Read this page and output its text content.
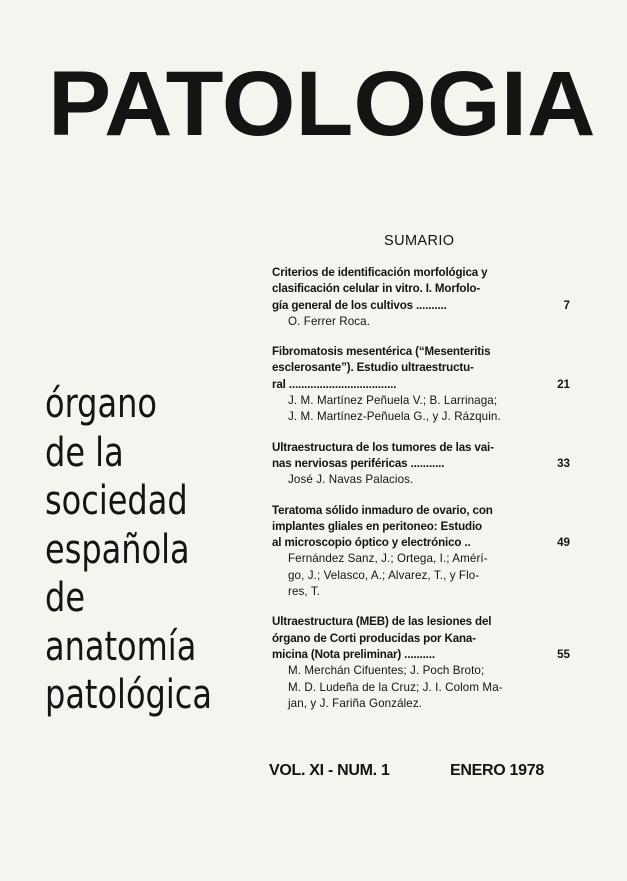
PATOLOGIA
órgano
de la
sociedad
española
de
anatomía
patológica
SUMARIO
Criterios de identificación morfológica y
clasificación celular in vitro. I. Morfolo-
gía general de los cultivos ..........
O. Ferrer Roca.
7
Fibromatosis mesentérica (“Mesenteritis
esclerosante”). Estudio ultraestructu-
ral ...................................
J. M. Martínez Peñuela V.; B. Larrinaga;
J. M. Martínez-Peñuela G., y J. Rázquin.
21
Ultraestructura de los tumores de las vai-
nas nerviosas periféricas ...........
José J. Navas Palacios.
33
Teratoma sólido inmaduro de ovario, con
implantes gliales en peritoneo: Estudio
al microscopio óptico y electrónico ..
Fernández Sanz, J.; Ortega, I.; Amérí-
go, J.; Velasco, A.; Alvarez, T., y Flo-
res, T.
49
Ultraestructura (MEB) de las lesiones del
órgano de Corti producidas por Kana-
micina (Nota preliminar) ..........
M. Merchán Cifuentes; J. Poch Broto;
M. D. Ludeña de la Cruz; J. I. Colom Ma-
jan, y J. Fariña González.
55
VOL. XI - NUM. 1	ENERO 1978
